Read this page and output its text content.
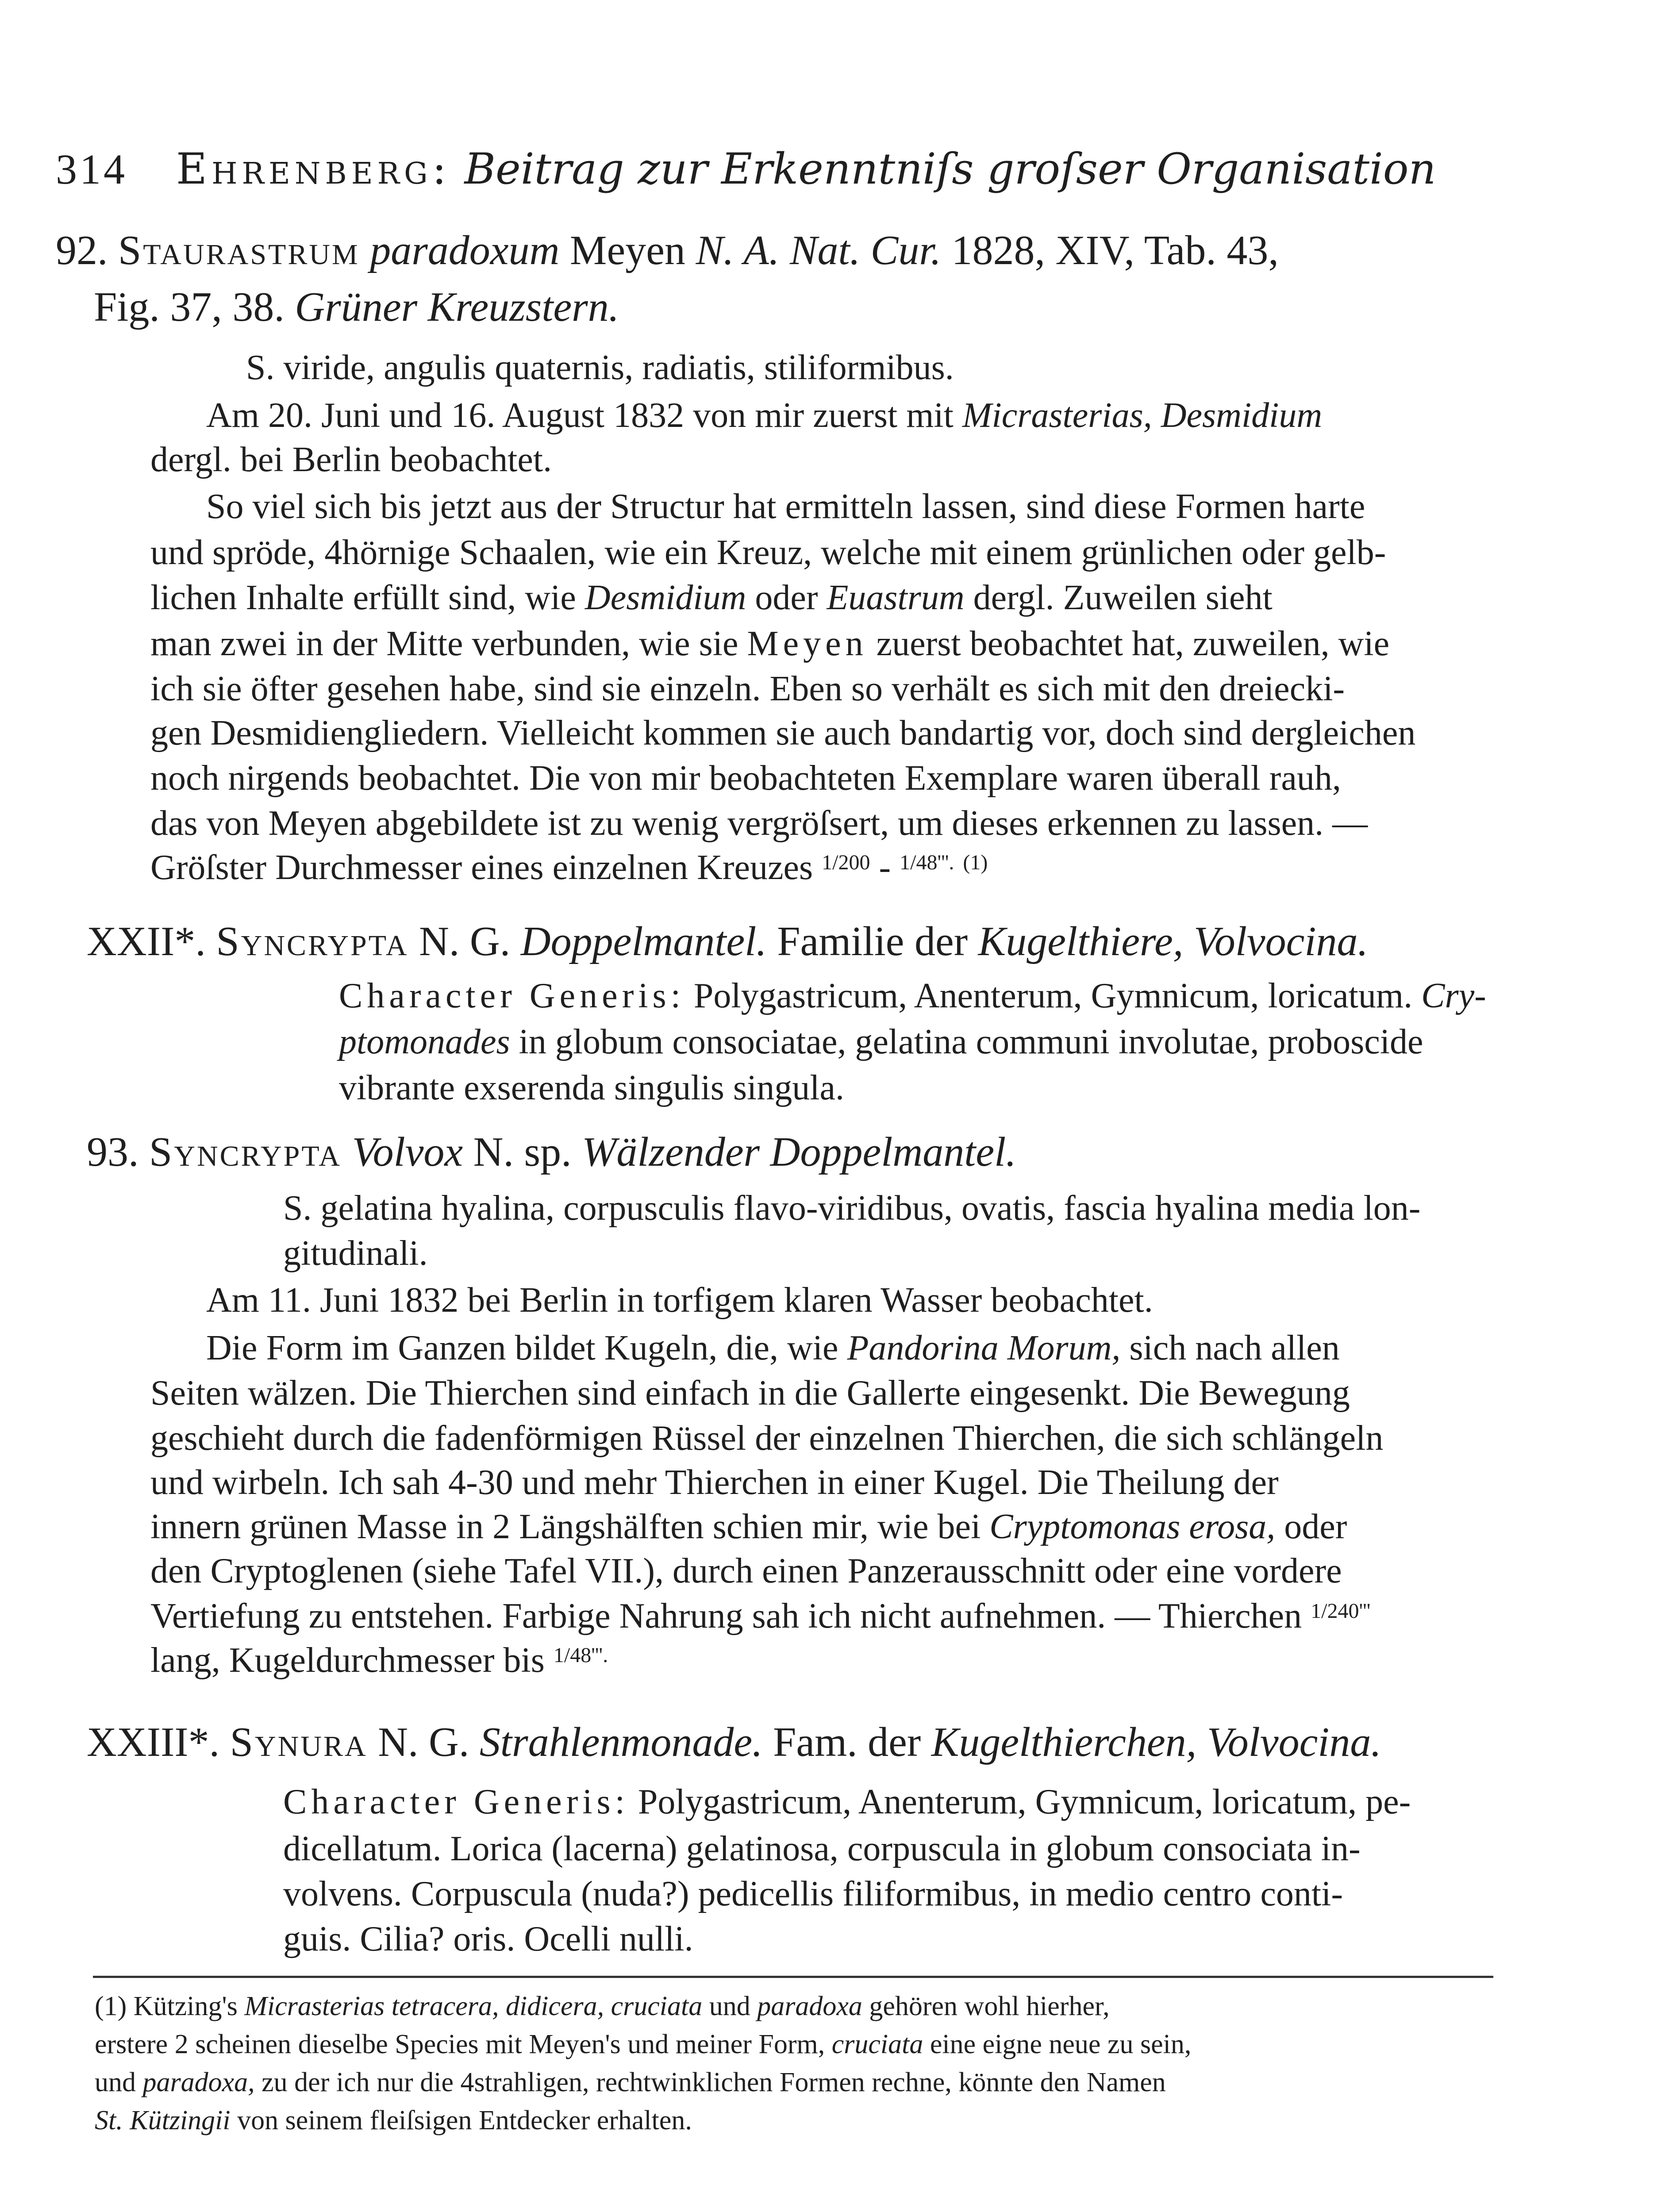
314 Ehrenberg: Beitrag zur Erkenntniſs groſser Organisation
92. Staurastrum paradoxum Meyen N. A. Nat. Cur. 1828, XIV, Tab. 43,
Fig. 37, 38. Grüner Kreuzstern.
S. viride, angulis quaternis, radiatis, stiliformibus.
Am 20. Juni und 16. August 1832 von mir zuerst mit Micrasterias, Desmidium
dergl. bei Berlin beobachtet.
So viel sich bis jetzt aus der Structur hat ermitteln lassen, sind diese Formen harte
und spröde, 4hörnige Schaalen, wie ein Kreuz, welche mit einem grünlichen oder gelb-
lichen Inhalte erfüllt sind, wie Desmidium oder Euastrum dergl. Zuweilen sieht
man zwei in der Mitte verbunden, wie sie Meyen zuerst beobachtet hat, zuweilen, wie
ich sie öfter gesehen habe, sind sie einzeln. Eben so verhält es sich mit den dreiecki-
gen Desmidiengliedern. Vielleicht kommen sie auch bandartig vor, doch sind dergleichen
noch nirgends beobachtet. Die von mir beobachteten Exemplare waren überall rauh,
das von Meyen abgebildete ist zu wenig vergröſsert, um dieses erkennen zu lassen. —
Gröſster Durchmesser eines einzelnen Kreuzes $^{1/200}$ - $^{1/48'''.}$ $^{(1)}$
XXII*. Syncrypta N. G. Doppelmantel. Familie der Kugelthiere, Volvocina.
Character Generis: Polygastricum, Anenterum, Gymnicum, loricatum. Cry-
ptomonades in globum consociatae, gelatina communi involutae, proboscide
vibrante exserenda singulis singula.
93. Syncrypta Volvox N. sp. Wälzender Doppelmantel.
S. gelatina hyalina, corpusculis flavo-viridibus, ovatis, fascia hyalina media lon-
gitudinali.
Am 11. Juni 1832 bei Berlin in torfigem klaren Wasser beobachtet.
Die Form im Ganzen bildet Kugeln, die, wie Pandorina Morum, sich nach allen
Seiten wälzen. Die Thierchen sind einfach in die Gallerte eingesenkt. Die Bewegung
geschieht durch die fadenförmigen Rüssel der einzelnen Thierchen, die sich schlängeln
und wirbeln. Ich sah 4-30 und mehr Thierchen in einer Kugel. Die Theilung der
innern grünen Masse in 2 Längshälften schien mir, wie bei Cryptomonas erosa, oder
den Cryptoglenen (siehe Tafel VII.), durch einen Panzerausschnitt oder eine vordere
Vertiefung zu entstehen. Farbige Nahrung sah ich nicht aufnehmen. — Thierchen $^{1/240'''}$
lang, Kugeldurchmesser bis $^{1/48'''.}$
XXIII*. Synura N. G. Strahlenmonade. Fam. der Kugelthierchen, Volvocina.
Character Generis: Polygastricum, Anenterum, Gymnicum, loricatum, pe-
dicellatum. Lorica (lacerna) gelatinosa, corpuscula in globum consociata in-
volvens. Corpuscula (nuda?) pedicellis filiformibus, in medio centro conti-
guis. Cilia? oris. Ocelli nulli.
(1) Kützing's Micrasterias tetracera, didicera, cruciata und paradoxa gehören wohl hierher,
erstere 2 scheinen dieselbe Species mit Meyen's und meiner Form, cruciata eine eigne neue zu sein,
und paradoxa, zu der ich nur die 4strahligen, rechtwinklichen Formen rechne, könnte den Namen
St. Kützingii von seinem fleiſsigen Entdecker erhalten.
